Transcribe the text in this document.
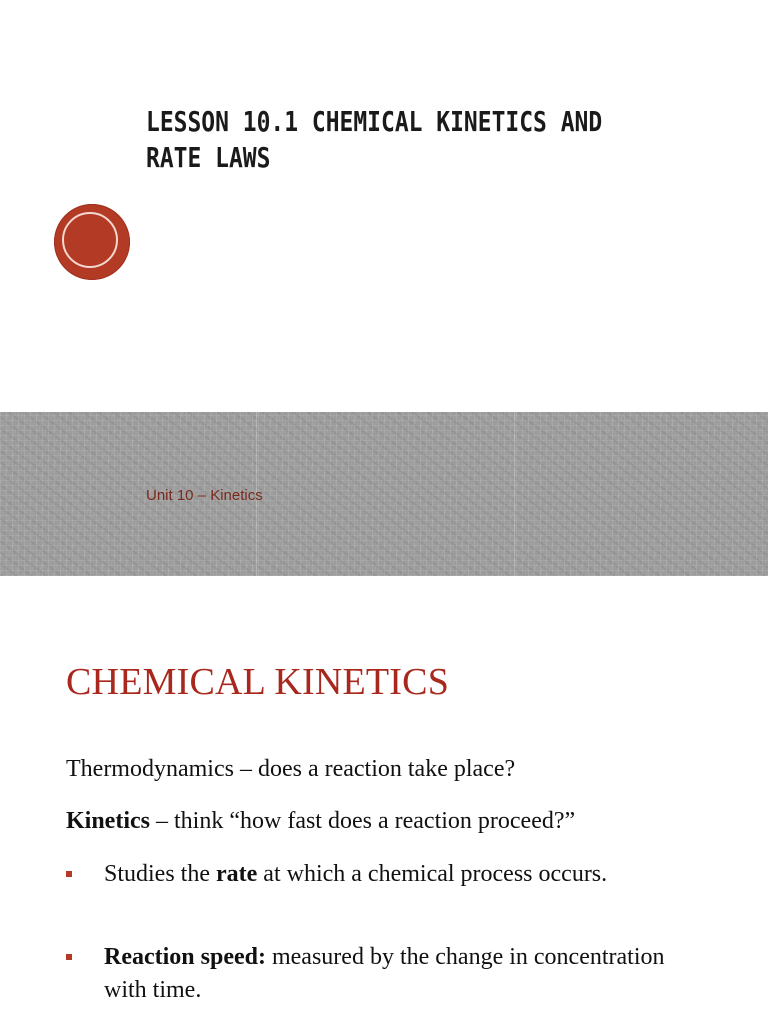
LESSON 10.1 CHEMICAL KINETICS AND
RATE LAWS
Unit 10 – Kinetics
CHEMICAL KINETICS
Thermodynamics – does a reaction take place?
Kinetics – think “how fast does a reaction proceed?”
Studies the rate at which a chemical process occurs.
Reaction speed: measured by the change in concentration with time.
